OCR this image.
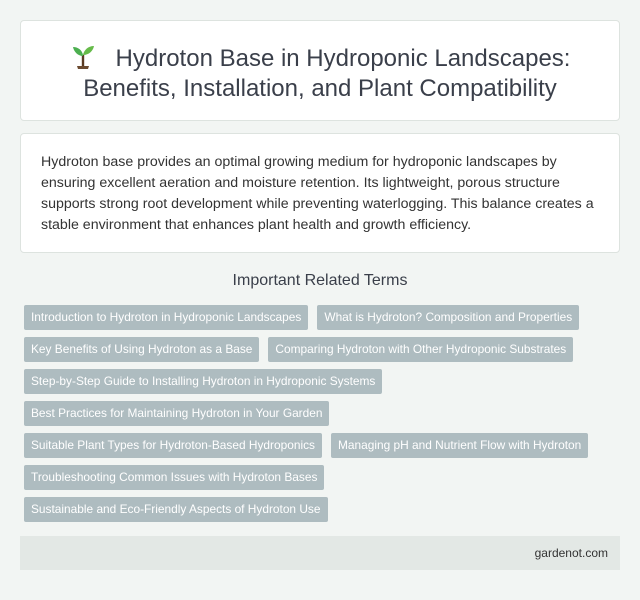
Hydroton Base in Hydroponic Landscapes:
Benefits, Installation, and Plant Compatibility

Hydroton base provides an optimal growing medium for hydroponic landscapes by ensuring excellent aeration and moisture retention. Its lightweight, porous structure supports strong root development while preventing waterlogging. This balance creates a stable environment that enhances plant health and growth efficiency.

Important Related Terms
Introduction to Hydroton in Hydroponic Landscapes What is Hydroton? Composition and Properties
Key Benefits of Using Hydroton as a Base Comparing Hydroton with Other Hydroponic Substrates
Step-by-Step Guide to Installing Hydroton in Hydroponic Systems
Best Practices for Maintaining Hydroton in Your Garden
Suitable Plant Types for Hydroton-Based Hydroponics Managing pH and Nutrient Flow with Hydroton
Troubleshooting Common Issues with Hydroton Bases
Sustainable and Eco-Friendly Aspects of Hydroton Use
gardenot.com
